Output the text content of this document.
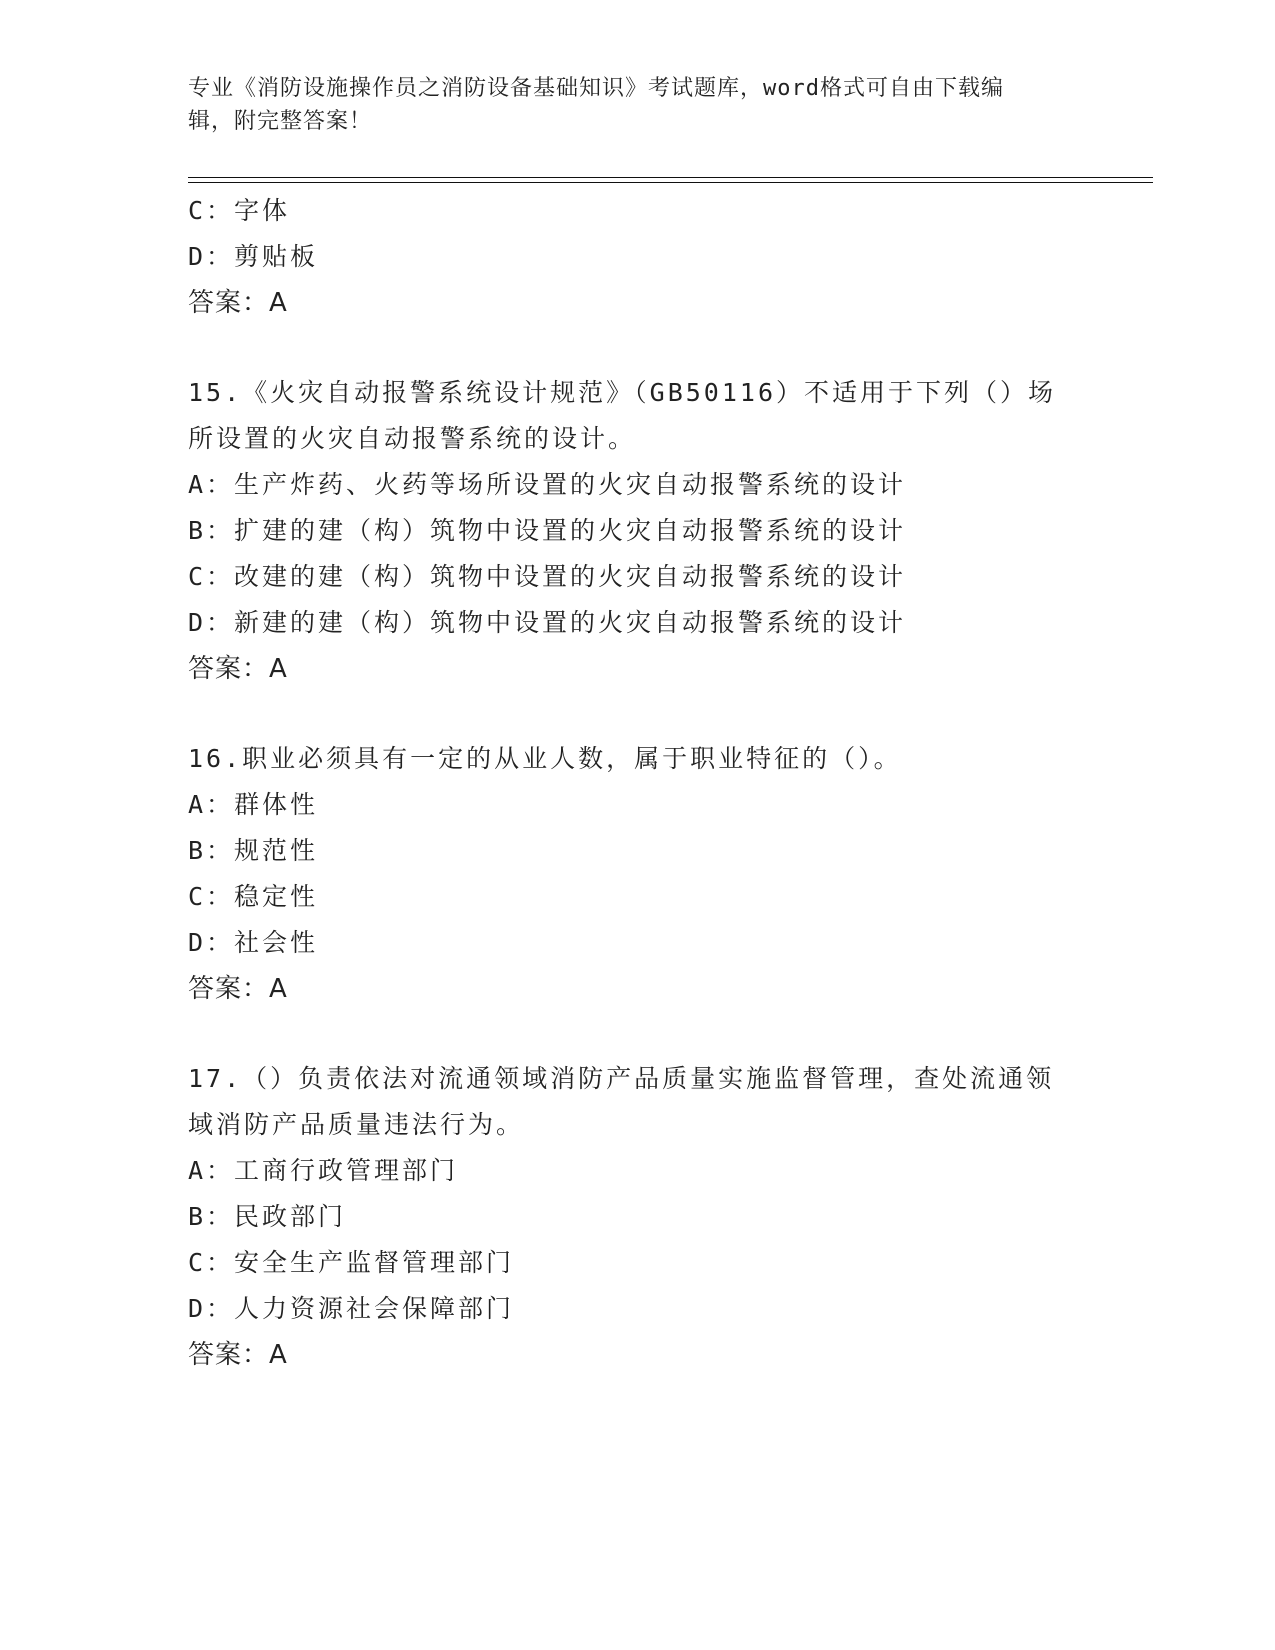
专业《消防设施操作员之消防设备基础知识》考试题库，word格式可自由下载编
辑，附完整答案！
C：字体
D：剪贴板
答案：A
15.《火灾自动报警系统设计规范》（GB50116）不适用于下列（）场
所设置的火灾自动报警系统的设计。
A：生产炸药、火药等场所设置的火灾自动报警系统的设计
B：扩建的建（构）筑物中设置的火灾自动报警系统的设计
C：改建的建（构）筑物中设置的火灾自动报警系统的设计
D：新建的建（构）筑物中设置的火灾自动报警系统的设计
答案：A
16.职业必须具有一定的从业人数，属于职业特征的（）。
A：群体性
B：规范性
C：稳定性
D：社会性
答案：A
17.（）负责依法对流通领域消防产品质量实施监督管理，查处流通领
域消防产品质量违法行为。
A：工商行政管理部门
B：民政部门
C：安全生产监督管理部门
D：人力资源社会保障部门
答案：A
